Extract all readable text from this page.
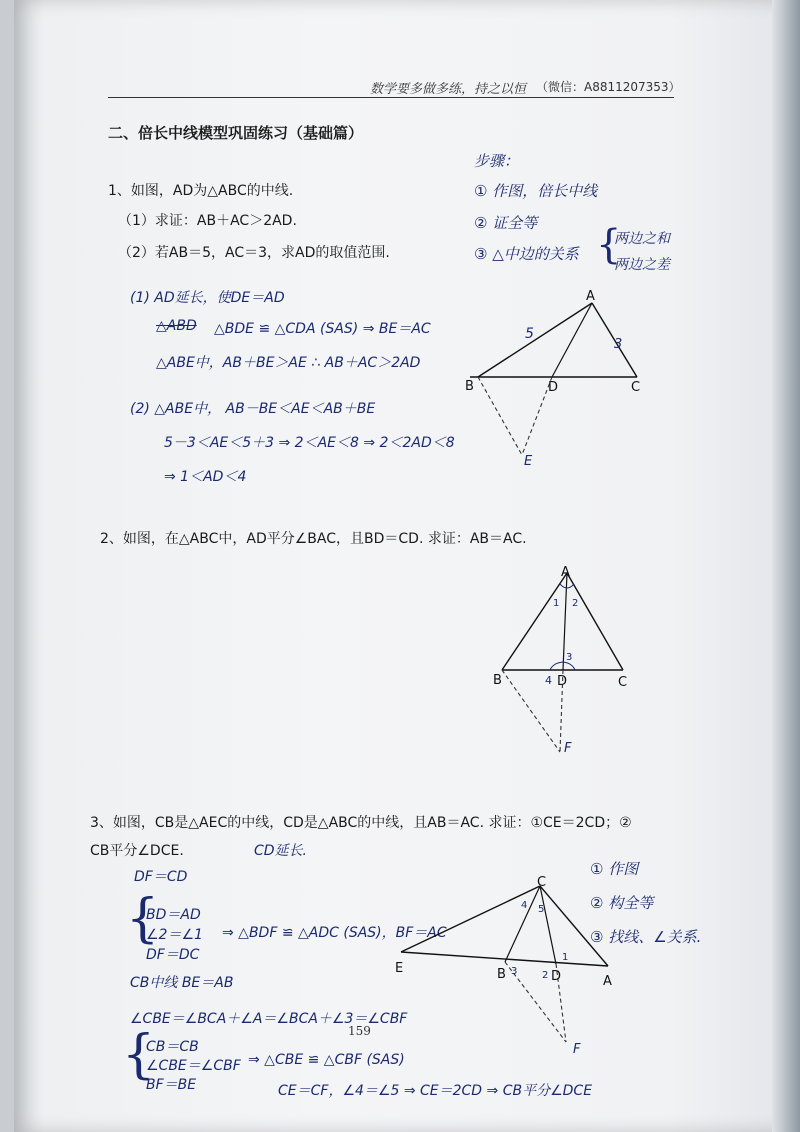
数学要多做多练，持之以恒 （微信：A8811207353）
二、倍长中线模型巩固练习（基础篇）
步骤：
① 作图，倍长中线
② 证全等
③ △中边的关系 {
两边之和
两边之差
1、如图，AD为△ABC的中线.
（1）求证：AB＋AC＞2AD.
（2）若AB＝5，AC＝3，求AD的取值范围.
(1) AD延长，使DE＝AD
△ABD △BDE ≌ △CDA (SAS) ⇒ BE＝AC
△ABE中，AB＋BE＞AE ∴ AB＋AC＞2AD
(2) △ABE中， AB－BE＜AE＜AB＋BE
5－3＜AE＜5＋3 ⇒ 2＜AE＜8 ⇒ 2＜2AD＜8
⇒ 1＜AD＜4
A
B	C
D
E
5
3
2、如图，在△ABC中，AD平分∠BAC，且BD＝CD. 求证：AB＝AC.
A
B	C
D
F
1 2
3
4
3、如图，CB是△AEC的中线，CD是△ABC的中线，且AB＝AC. 求证：①CE＝2CD；②
CB平分∠DCE.	CD延长.
① 作图
② 构全等
③ 找线、∠关系.
DF＝CD
{
BD＝AD
∠2＝∠1
DF＝DC
⇒ △BDF ≌ △ADC (SAS)，BF＝AC
CB中线 BE＝AB
∠CBE＝∠BCA＋∠A＝∠BCA＋∠3＝∠CBF
{
CB＝CB
∠CBE＝∠CBF
BF＝BE
⇒ △CBE ≌ △CBF (SAS)
CE＝CF，∠4＝∠5 ⇒ CE＝2CD ⇒ CB平分∠DCE
159
C
E	B	D	A
F
1
2
3
4 5
